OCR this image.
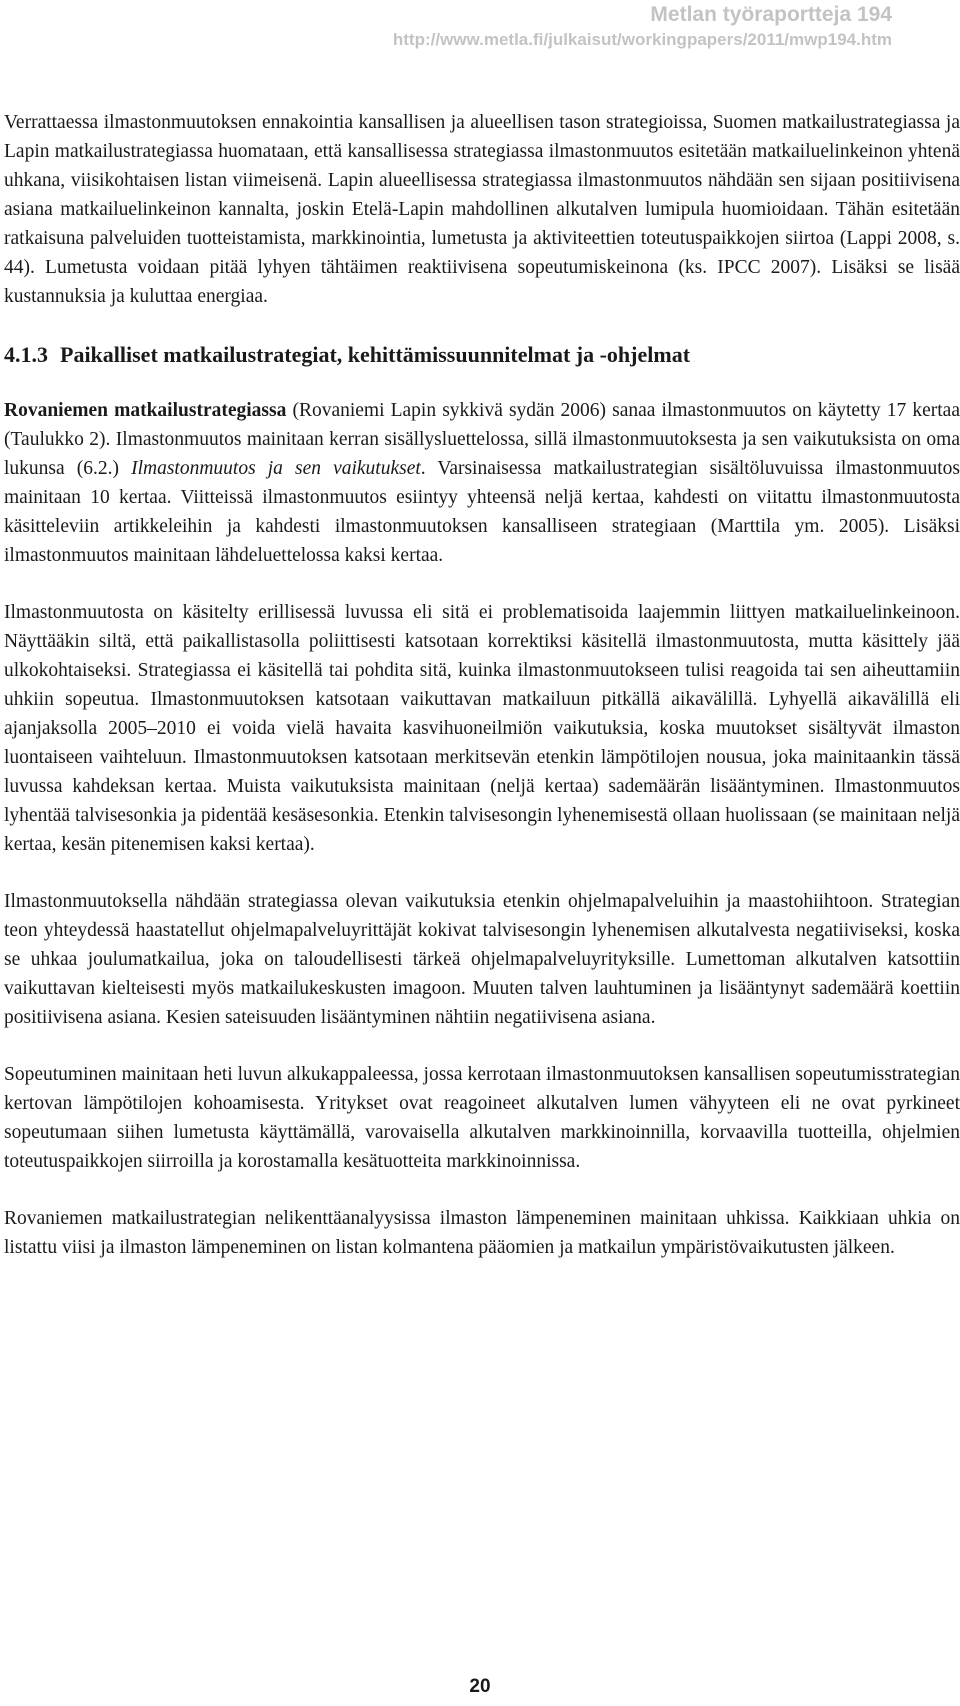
Metlan työraportteja 194
http://www.metla.fi/julkaisut/workingpapers/2011/mwp194.htm

Verrattaessa ilmastonmuutoksen ennakointia kansallisen ja alueellisen tason strategioissa, Suomen matkailustrategiassa ja Lapin matkailustrategiassa huomataan, että kansallisessa strategiassa ilmastonmuutos esitetään matkailuelinkeinon yhtenä uhkana, viisikohtaisen listan viimeisenä. Lapin alueellisessa strategiassa ilmastonmuutos nähdään sen sijaan positiivisena asiana matkailuelinkeinon kannalta, joskin Etelä-Lapin mahdollinen alkutalven lumipula huomioidaan. Tähän esitetään ratkaisuna palveluiden tuotteistamista, markkinointia, lumetusta ja aktiviteettien toteutuspaikkojen siirtoa (Lappi 2008, s. 44). Lumetusta voidaan pitää lyhyen tähtäimen reaktiivisena sopeutumiskeinona (ks. IPCC 2007). Lisäksi se lisää kustannuksia ja kuluttaa energiaa.

4.1.3 Paikalliset matkailustrategiat, kehittämissuunnitelmat ja -ohjelmat

Rovaniemen matkailustrategiassa (Rovaniemi Lapin sykkivä sydän 2006) sanaa ilmastonmuutos on käytetty 17 kertaa (Taulukko 2). Ilmastonmuutos mainitaan kerran sisällysluettelossa, sillä ilmastonmuutoksesta ja sen vaikutuksista on oma lukunsa (6.2.) Ilmastonmuutos ja sen vaikutukset. Varsinaisessa matkailustrategian sisältöluvuissa ilmastonmuutos mainitaan 10 kertaa. Viitteissä ilmastonmuutos esiintyy yhteensä neljä kertaa, kahdesti on viitattu ilmastonmuutosta käsitteleviin artikkeleihin ja kahdesti ilmastonmuutoksen kansalliseen strategiaan (Marttila ym. 2005). Lisäksi ilmastonmuutos mainitaan lähdeluettelossa kaksi kertaa.

Ilmastonmuutosta on käsitelty erillisessä luvussa eli sitä ei problematisoida laajemmin liittyen matkailuelinkeinoon. Näyttääkin siltä, että paikallistasolla poliittisesti katsotaan korrektiksi käsitellä ilmastonmuutosta, mutta käsittely jää ulkokohtaiseksi. Strategiassa ei käsitellä tai pohdita sitä, kuinka ilmastonmuutokseen tulisi reagoida tai sen aiheuttamiin uhkiin sopeutua. Ilmastonmuutoksen katsotaan vaikuttavan matkailuun pitkällä aikavälillä. Lyhyellä aikavälillä eli ajanjaksolla 2005–2010 ei voida vielä havaita kasvihuoneilmiön vaikutuksia, koska muutokset sisältyvät ilmaston luontaiseen vaihteluun. Ilmastonmuutoksen katsotaan merkitsevän etenkin lämpötilojen nousua, joka mainitaankin tässä luvussa kahdeksan kertaa. Muista vaikutuksista mainitaan (neljä kertaa) sademäärän lisääntyminen. Ilmastonmuutos lyhentää talvisesonkia ja pidentää kesäsesonkia. Etenkin talvisesongin lyhenemisestä ollaan huolissaan (se mainitaan neljä kertaa, kesän pitenemisen kaksi kertaa).

Ilmastonmuutoksella nähdään strategiassa olevan vaikutuksia etenkin ohjelmapalveluihin ja maastohiihtoon. Strategian teon yhteydessä haastatellut ohjelmapalveluyrittäjät kokivat talvisesongin lyhenemisen alkutalvesta negatiiviseksi, koska se uhkaa joulumatkailua, joka on taloudellisesti tärkeä ohjelmapalveluyrityksille. Lumettoman alkutalven katsottiin vaikuttavan kielteisesti myös matkailukeskusten imagoon. Muuten talven lauhtuminen ja lisääntynyt sademäärä koettiin positiivisena asiana. Kesien sateisuuden lisääntyminen nähtiin negatiivisena asiana.

Sopeutuminen mainitaan heti luvun alkukappaleessa, jossa kerrotaan ilmastonmuutoksen kansallisen sopeutumisstrategian kertovan lämpötilojen kohoamisesta. Yritykset ovat reagoineet alkutalven lumen vähyyteen eli ne ovat pyrkineet sopeutumaan siihen lumetusta käyttämällä, varovaisella alkutalven markkinoinnilla, korvaavilla tuotteilla, ohjelmien toteutuspaikkojen siirroilla ja korostamalla kesätuotteita markkinoinnissa.

Rovaniemen matkailustrategian nelikenttäanalyysissa ilmaston lämpeneminen mainitaan uhkissa. Kaikkiaan uhkia on listattu viisi ja ilmaston lämpeneminen on listan kolmantena pääomien ja matkailun ympäristövaikutusten jälkeen.

20
